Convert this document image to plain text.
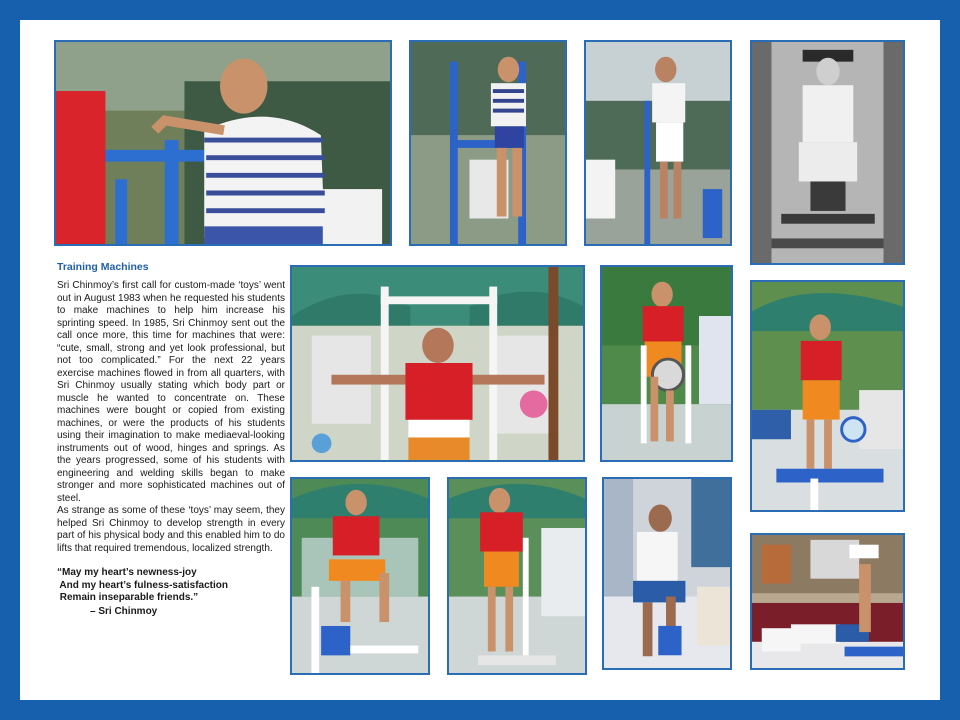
Training Machines

Sri Chinmoy’s first call for custom-made ‘toys’ went out in August 1983 when he requested his students to make machines to help him increase his sprinting speed. In 1985, Sri Chinmoy sent out the call once more, this time for machines that were: “cute, small, strong and yet look professional, but not too complicated.” For the next 22 years exercise machines flowed in from all quarters, with Sri Chinmoy usually stating which body part or muscle he wanted to concentrate on. These machines were bought or copied from existing machines, or were the products of his students using their imagination to make mediaeval-looking instruments out of wood, hinges and springs. As the years progressed, some of his students with engineering and welding skills began to make stronger and more sophisticated machines out of steel.

As strange as some of these ‘toys’ may seem, they helped Sri Chinmoy to develop strength in every part of his physical body and this enabled him to do lifts that required tremendous, localized strength.

“May my heart’s newness-joy
And my heart’s fulness-satisfaction
Remain inseparable friends.”
– Sri Chinmoy
